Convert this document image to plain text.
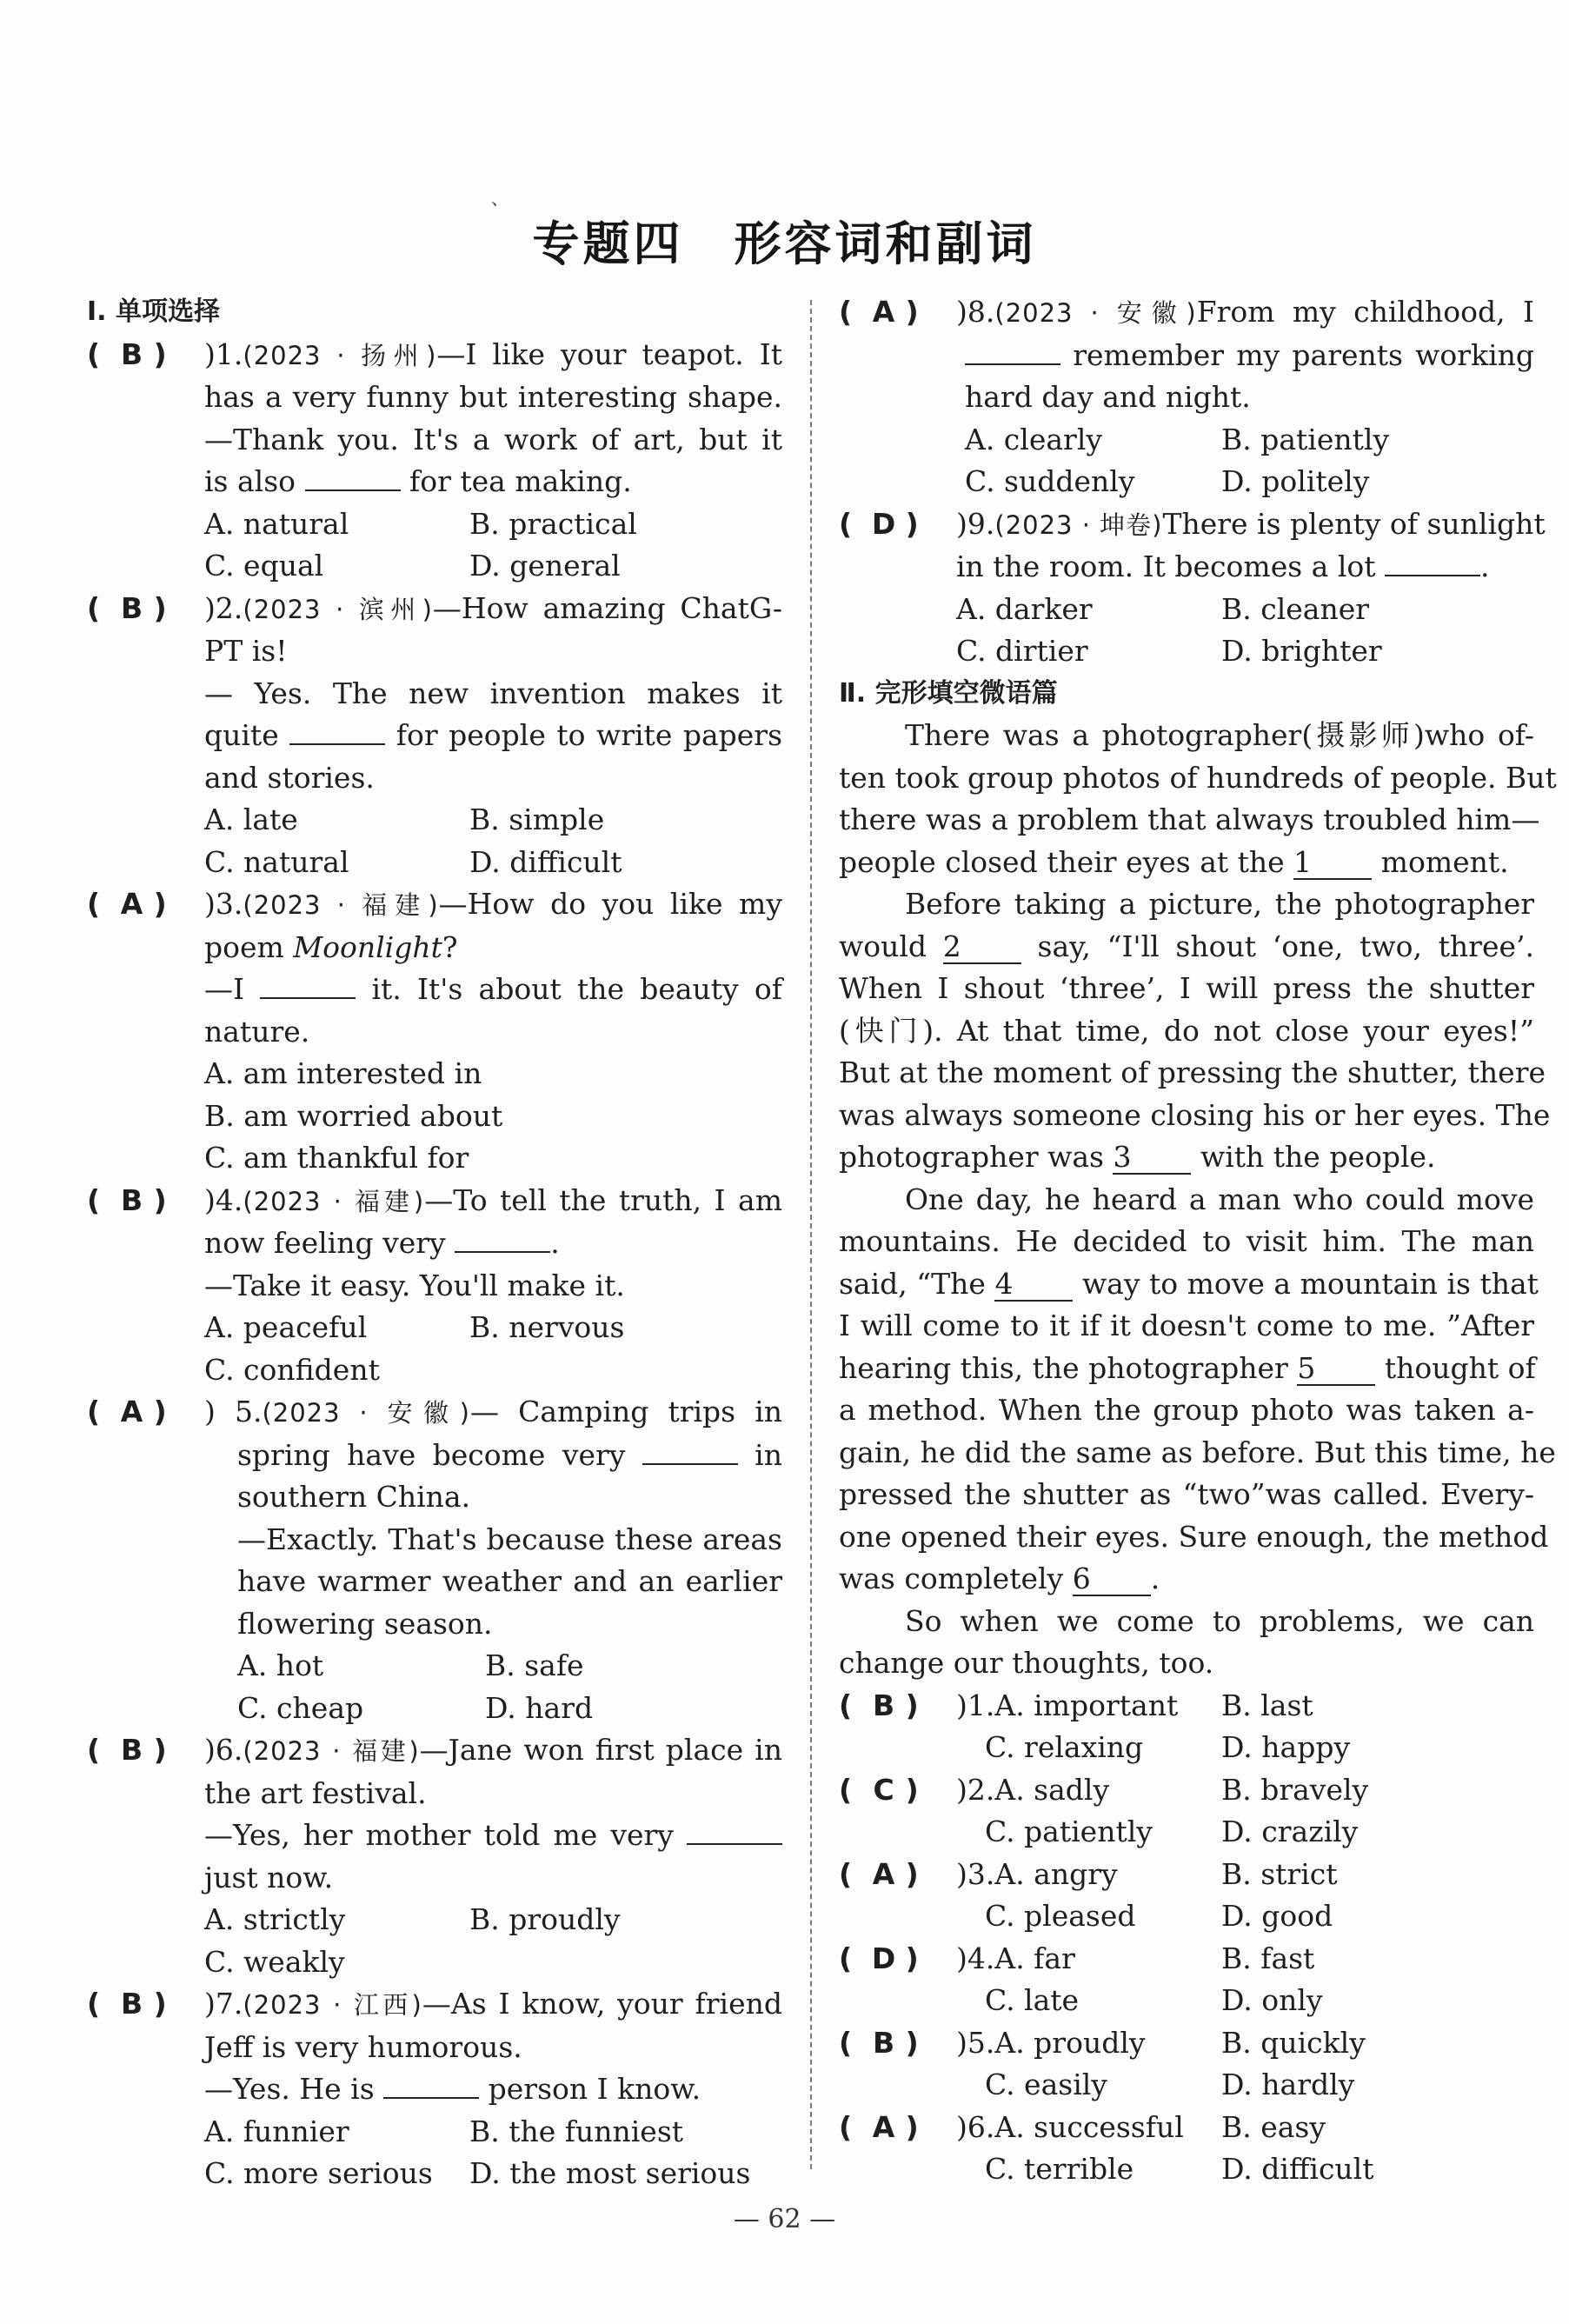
、
专题四　形容词和副词
Ⅰ. 单项选择
( B )	)1.(2023 · 扬州)—I like your teapot. It
has a very funny but interesting shape.
—Thank you. It's a work of art, but it
is also	for tea making.
A. natural	B. practical
C. equal	D. general
( B )	)2.(2023 · 滨州)—How amazing ChatG-
PT is!
— Yes. The new invention makes it
quite	for people to write papers
and stories.
A. late	B. simple
C. natural	D. difficult
( A )	)3.(2023 · 福建)—How do you like my
poem Moonlight?
—I	it. It's about the beauty of
nature.
A. am interested in
B. am worried about
C. am thankful for
( B )	)4.(2023 · 福建)—To tell the truth, I am
now feeling very	.
—Take it easy. You'll make it.
A. peaceful	B. nervous
C. confident
( A )	) 5.(2023 · 安徽)— Camping trips in
spring have become very	in
southern China.
—Exactly. That's because these areas
have warmer weather and an earlier
flowering season.
A. hot	B. safe
C. cheap	D. hard
( B )	)6.(2023 · 福建)—Jane won first place in
the art festival.
—Yes, her mother told me very
just now.
A. strictly	B. proudly
C. weakly
( B )	)7.(2023 · 江西)—As I know, your friend
Jeff is very humorous.
—Yes. He is	person I know.
A. funnier	B. the funniest
C. more serious	D. the most serious
( A )	)8.(2023 · 安徽)From my childhood, I
remember my parents working
hard day and night.
A. clearly	B. patiently
C. suddenly	D. politely
( D )	)9.(2023 · 坤卷)There is plenty of sunlight
in the room. It becomes a lot	.
A. darker	B. cleaner
C. dirtier	D. brighter
Ⅱ. 完形填空微语篇
There was a photographer(摄影师)who of-
ten took group photos of hundreds of people. But
there was a problem that always troubled him—
people closed their eyes at the 1 moment.
Before taking a picture, the photographer
would 2	say, “I'll shout ‘one, two, three’.
When I shout ‘three’, I will press the shutter
(快门). At that time, do not close your eyes!”
But at the moment of pressing the shutter, there
was always someone closing his or her eyes. The
photographer was 3 with the people.
One day, he heard a man who could move
mountains. He decided to visit him. The man
said, “The 4 way to move a mountain is that
I will come to it if it doesn't come to me. ”After
hearing this, the photographer 5 thought of
a method. When the group photo was taken a-
gain, he did the same as before. But this time, he
pressed the shutter as “two”was called. Every-
one opened their eyes. Sure enough, the method
was completely 6 .
So when we come to problems, we can
change our thoughts, too.
( B )	)1.A. important	B. last
C. relaxing	D. happy
( C )	)2.A. sadly	B. bravely
C. patiently	D. crazily
( A )	)3.A. angry	B. strict
C. pleased	D. good
( D )	)4.A. far	B. fast
C. late	D. only
( B )	)5.A. proudly	B. quickly
C. easily	D. hardly
( A )	)6.A. successful	B. easy
C. terrible	D. difficult
— 62 —
